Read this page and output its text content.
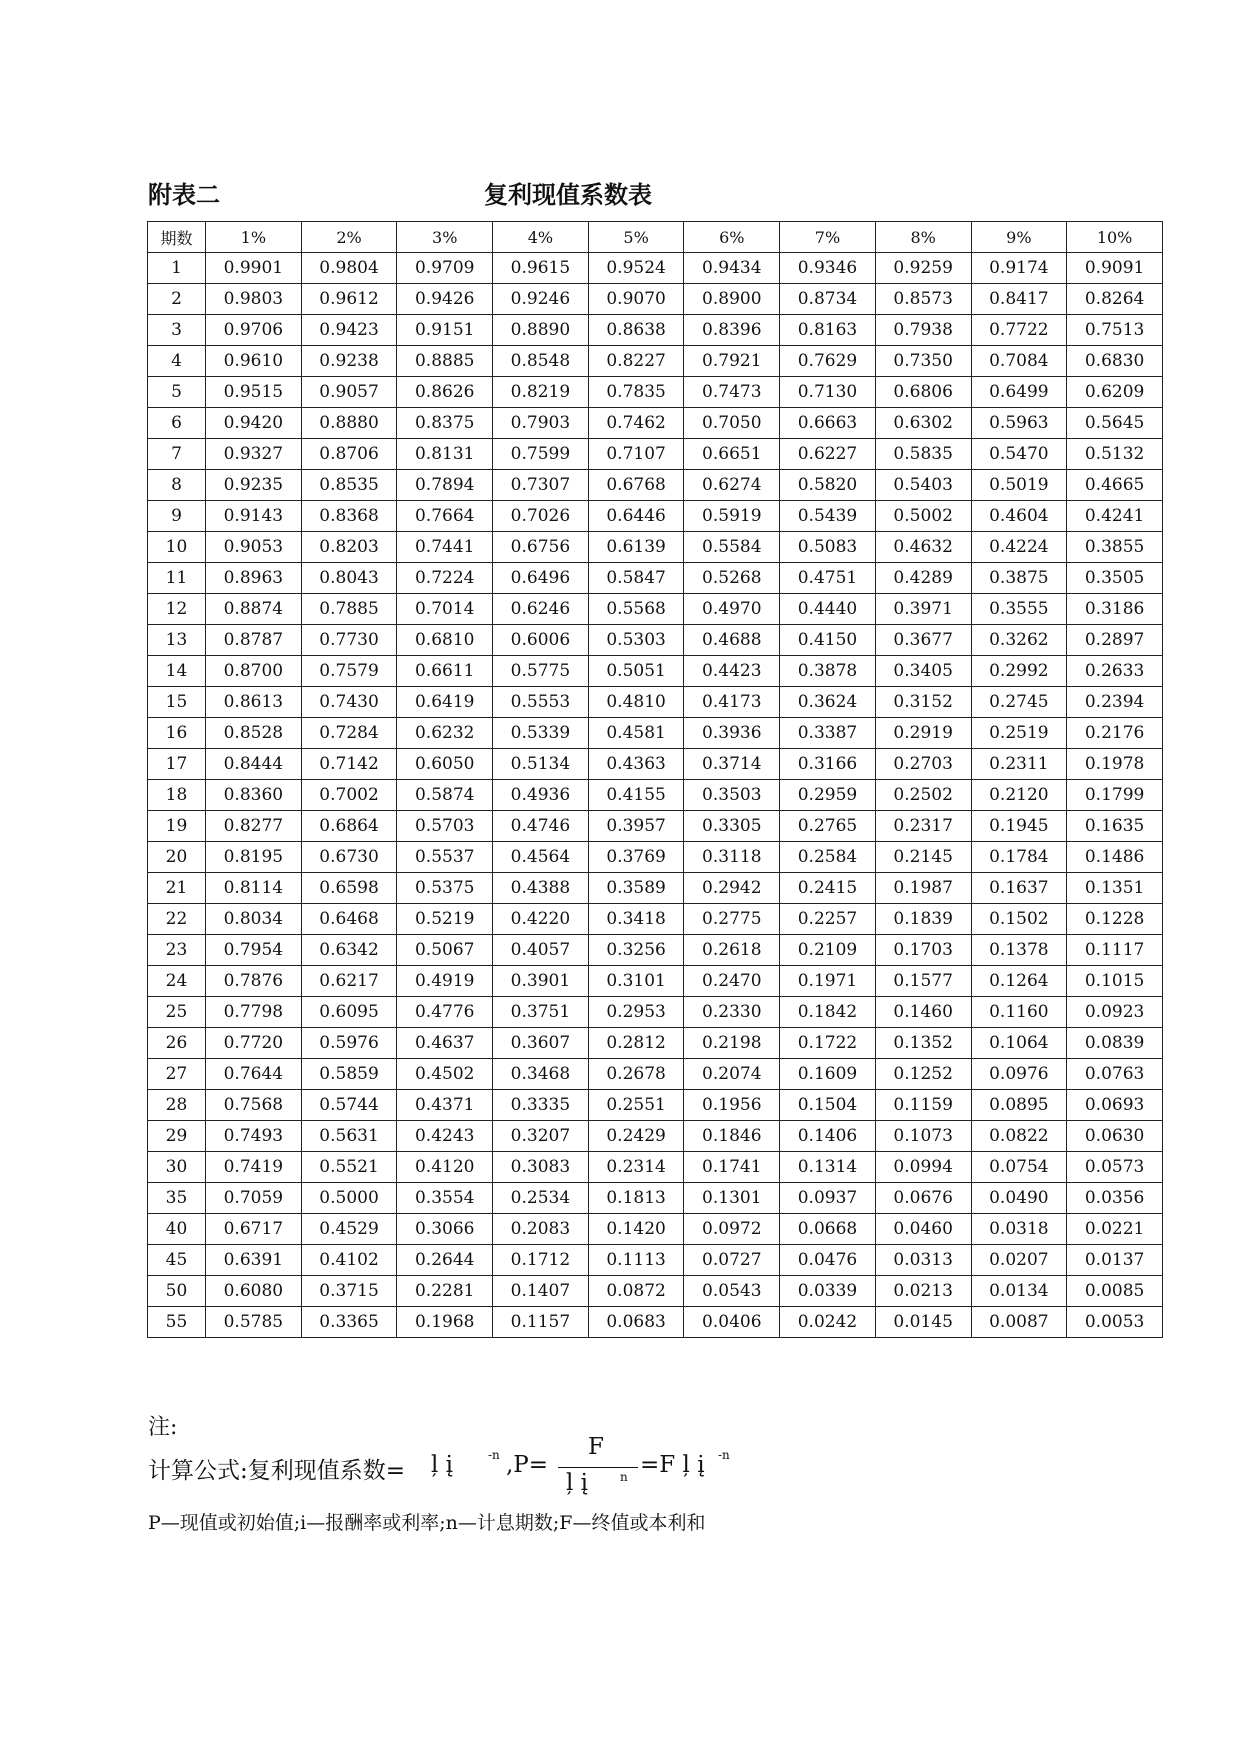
附表二	复利现值系数表
期数	1%	2%	3%	4%	5%	6%	7%	8%	9%	10%
1	0.9901	0.9804	0.9709	0.9615	0.9524	0.9434	0.9346	0.9259	0.9174	0.9091
2	0.9803	0.9612	0.9426	0.9246	0.9070	0.8900	0.8734	0.8573	0.8417	0.8264
3	0.9706	0.9423	0.9151	0.8890	0.8638	0.8396	0.8163	0.7938	0.7722	0.7513
4	0.9610	0.9238	0.8885	0.8548	0.8227	0.7921	0.7629	0.7350	0.7084	0.6830
5	0.9515	0.9057	0.8626	0.8219	0.7835	0.7473	0.7130	0.6806	0.6499	0.6209
6	0.9420	0.8880	0.8375	0.7903	0.7462	0.7050	0.6663	0.6302	0.5963	0.5645
7	0.9327	0.8706	0.8131	0.7599	0.7107	0.6651	0.6227	0.5835	0.5470	0.5132
8	0.9235	0.8535	0.7894	0.7307	0.6768	0.6274	0.5820	0.5403	0.5019	0.4665
9	0.9143	0.8368	0.7664	0.7026	0.6446	0.5919	0.5439	0.5002	0.4604	0.4241
10	0.9053	0.8203	0.7441	0.6756	0.6139	0.5584	0.5083	0.4632	0.4224	0.3855
11	0.8963	0.8043	0.7224	0.6496	0.5847	0.5268	0.4751	0.4289	0.3875	0.3505
12	0.8874	0.7885	0.7014	0.6246	0.5568	0.4970	0.4440	0.3971	0.3555	0.3186
13	0.8787	0.7730	0.6810	0.6006	0.5303	0.4688	0.4150	0.3677	0.3262	0.2897
14	0.8700	0.7579	0.6611	0.5775	0.5051	0.4423	0.3878	0.3405	0.2992	0.2633
15	0.8613	0.7430	0.6419	0.5553	0.4810	0.4173	0.3624	0.3152	0.2745	0.2394
16	0.8528	0.7284	0.6232	0.5339	0.4581	0.3936	0.3387	0.2919	0.2519	0.2176
17	0.8444	0.7142	0.6050	0.5134	0.4363	0.3714	0.3166	0.2703	0.2311	0.1978
18	0.8360	0.7002	0.5874	0.4936	0.4155	0.3503	0.2959	0.2502	0.2120	0.1799
19	0.8277	0.6864	0.5703	0.4746	0.3957	0.3305	0.2765	0.2317	0.1945	0.1635
20	0.8195	0.6730	0.5537	0.4564	0.3769	0.3118	0.2584	0.2145	0.1784	0.1486
21	0.8114	0.6598	0.5375	0.4388	0.3589	0.2942	0.2415	0.1987	0.1637	0.1351
22	0.8034	0.6468	0.5219	0.4220	0.3418	0.2775	0.2257	0.1839	0.1502	0.1228
23	0.7954	0.6342	0.5067	0.4057	0.3256	0.2618	0.2109	0.1703	0.1378	0.1117
24	0.7876	0.6217	0.4919	0.3901	0.3101	0.2470	0.1971	0.1577	0.1264	0.1015
25	0.7798	0.6095	0.4776	0.3751	0.2953	0.2330	0.1842	0.1460	0.1160	0.0923
26	0.7720	0.5976	0.4637	0.3607	0.2812	0.2198	0.1722	0.1352	0.1064	0.0839
27	0.7644	0.5859	0.4502	0.3468	0.2678	0.2074	0.1609	0.1252	0.0976	0.0763
28	0.7568	0.5744	0.4371	0.3335	0.2551	0.1956	0.1504	0.1159	0.0895	0.0693
29	0.7493	0.5631	0.4243	0.3207	0.2429	0.1846	0.1406	0.1073	0.0822	0.0630
30	0.7419	0.5521	0.4120	0.3083	0.2314	0.1741	0.1314	0.0994	0.0754	0.0573
35	0.7059	0.5000	0.3554	0.2534	0.1813	0.1301	0.0937	0.0676	0.0490	0.0356
40	0.6717	0.4529	0.3066	0.2083	0.1420	0.0972	0.0668	0.0460	0.0318	0.0221
45	0.6391	0.4102	0.2644	0.1712	0.1113	0.0727	0.0476	0.0313	0.0207	0.0137
50	0.6080	0.3715	0.2281	0.1407	0.0872	0.0543	0.0339	0.0213	0.0134	0.0085
55	0.5785	0.3365	0.1968	0.1157	0.0683	0.0406	0.0242	0.0145	0.0087	0.0053
注:
计算公式:复利现值系数= ļ į	-n ,P=
F
ļ į	n =F ļ į -n
P—现值或初始值;i—报酬率或利率;n—计息期数;F—终值或本利和
